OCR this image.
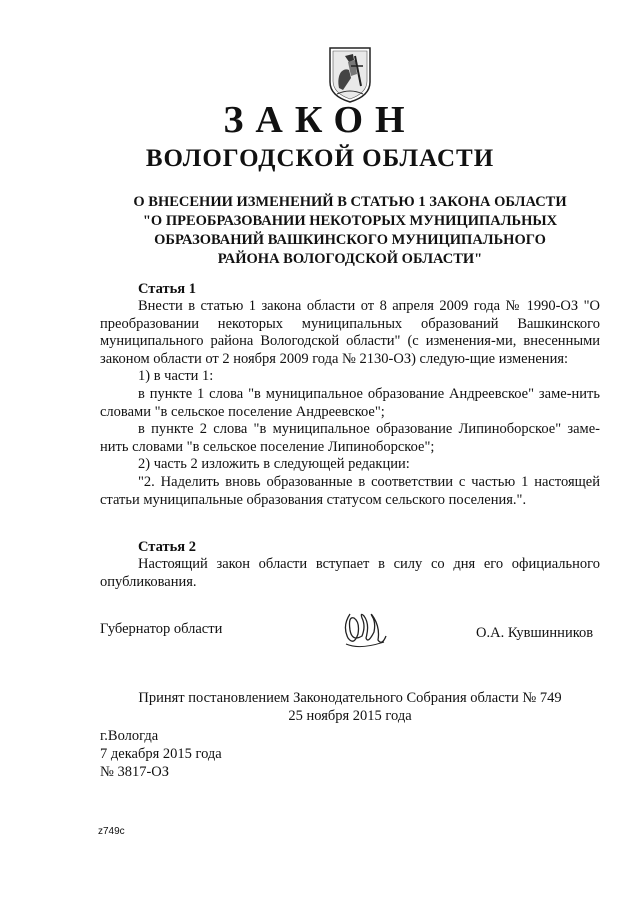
ЗАКОН
ВОЛОГОДСКОЙ ОБЛАСТИ
О ВНЕСЕНИИ ИЗМЕНЕНИЙ В СТАТЬЮ 1 ЗАКОНА ОБЛАСТИ
"О ПРЕОБРАЗОВАНИИ НЕКОТОРЫХ МУНИЦИПАЛЬНЫХ
ОБРАЗОВАНИЙ ВАШКИНСКОГО МУНИЦИПАЛЬНОГО
РАЙОНА ВОЛОГОДСКОЙ ОБЛАСТИ"
Статья 1

Внести в статью 1 закона области от 8 апреля 2009 года № 1990-ОЗ "О преобразовании некоторых муниципальных образований Вашкинского муниципального района Вологодской области" (с изменения-ми, внесенными законом области от 2 ноября 2009 года № 2130-ОЗ) следую-щие изменения:

1) в части 1:

в пункте 1 слова "в муниципальное образование Андреевское" заме-нить словами "в сельское поселение Андреевское";

в пункте 2 слова "в муниципальное образование Липиноборское" заме-нить словами "в сельское поселение Липиноборское";

2) часть 2 изложить в следующей редакции:

"2. Наделить вновь образованные в соответствии с частью 1 настоящей статьи муниципальные образования статусом сельского поселения.".

Статья 2

Настоящий закон области вступает в силу со дня его официального опубликования.

Губернатор области	О.А. Кувшинников
Принят постановлением Законодательного Собрания области № 749
25 ноября 2015 года
г.Вологда
7 декабря 2015 года
№ 3817-ОЗ
z749c
